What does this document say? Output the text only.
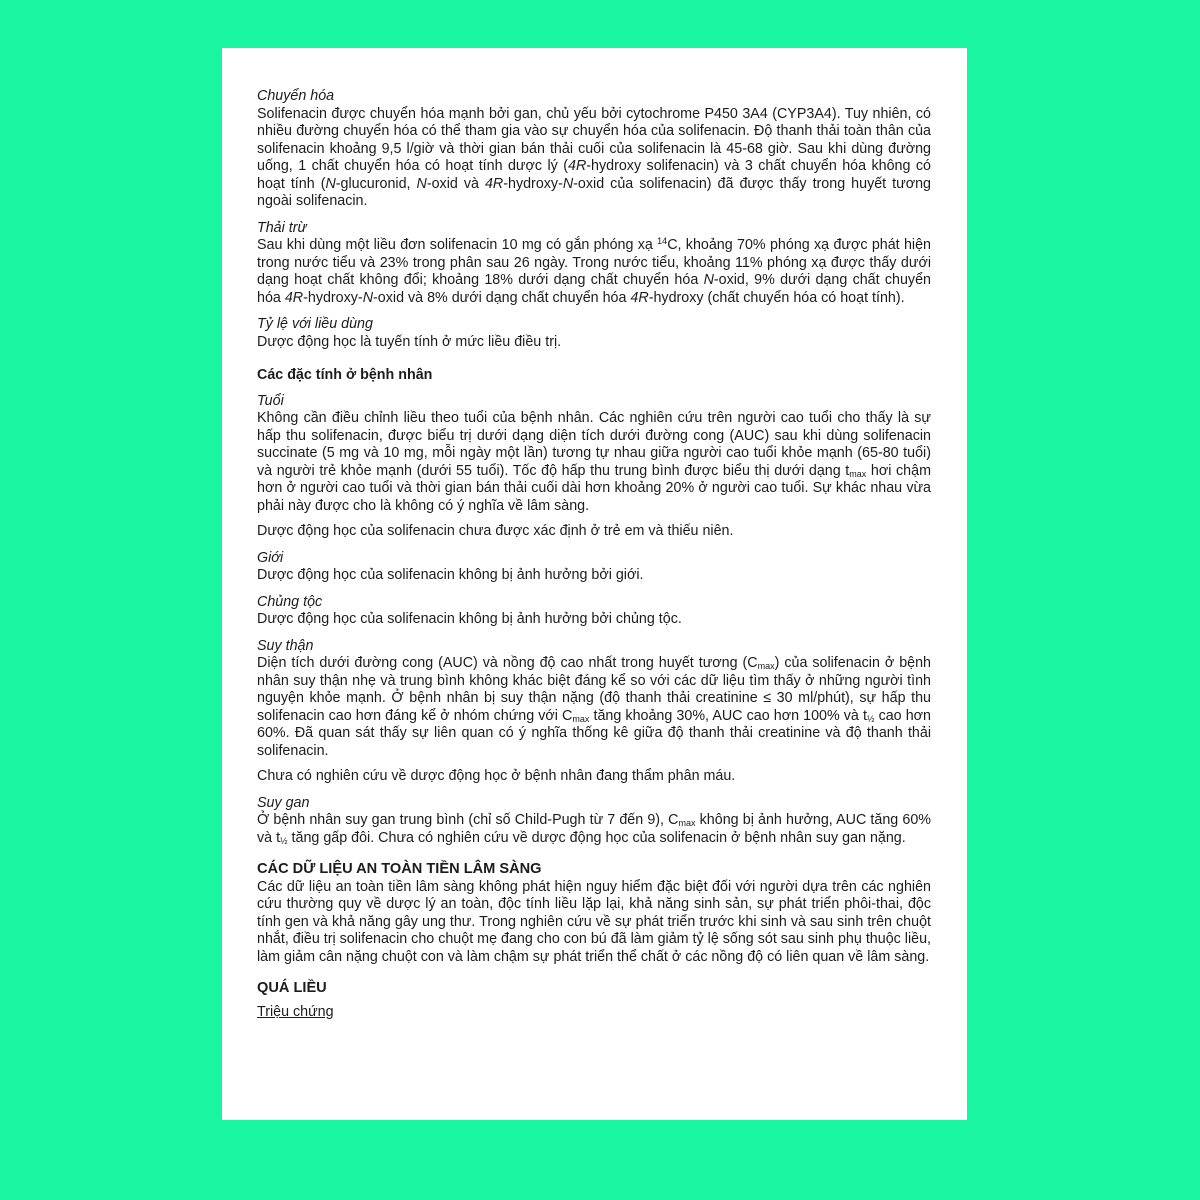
Chuyển hóa
Solifenacin được chuyển hóa mạnh bởi gan, chủ yếu bởi cytochrome P450 3A4 (CYP3A4). Tuy nhiên, có nhiều đường chuyển hóa có thể tham gia vào sự chuyển hóa của solifenacin. Độ thanh thải toàn thân của solifenacin khoảng 9,5 l/giờ và thời gian bán thải cuối của solifenacin là 45-68 giờ. Sau khi dùng đường uống, 1 chất chuyển hóa có hoạt tính dược lý (4R-hydroxy solifenacin) và 3 chất chuyển hóa không có hoạt tính (N-glucuronid, N-oxid và 4R-hydroxy-N-oxid của solifenacin) đã được thấy trong huyết tương ngoài solifenacin.
Thải trừ
Sau khi dùng một liều đơn solifenacin 10 mg có gắn phóng xạ $^{14}$C, khoảng 70% phóng xạ được phát hiện trong nước tiểu và 23% trong phân sau 26 ngày. Trong nước tiểu, khoảng 11% phóng xạ được thấy dưới dạng hoạt chất không đổi; khoảng 18% dưới dạng chất chuyển hóa N-oxid, 9% dưới dạng chất chuyển hóa 4R-hydroxy-N-oxid và 8% dưới dạng chất chuyển hóa 4R-hydroxy (chất chuyển hóa có hoạt tính).
Tỷ lệ với liều dùng
Dược động học là tuyến tính ở mức liều điều trị.
Các đặc tính ở bệnh nhân
Tuổi
Không cần điều chỉnh liều theo tuổi của bệnh nhân. Các nghiên cứu trên người cao tuổi cho thấy là sự hấp thu solifenacin, được biểu trị dưới dạng diện tích dưới đường cong (AUC) sau khi dùng solifenacin succinate (5 mg và 10 mg, mỗi ngày một lần) tương tự nhau giữa người cao tuổi khỏe mạnh (65-80 tuổi) và người trẻ khỏe mạnh (dưới 55 tuổi). Tốc độ hấp thu trung bình được biểu thị dưới dạng $t_{max}$ hơi chậm hơn ở người cao tuổi và thời gian bán thải cuối dài hơn khoảng 20% ở người cao tuổi. Sự khác nhau vừa phải này được cho là không có ý nghĩa về lâm sàng.
Dược động học của solifenacin chưa được xác định ở trẻ em và thiếu niên.
Giới
Dược động học của solifenacin không bị ảnh hưởng bởi giới.
Chủng tộc
Dược động học của solifenacin không bị ảnh hưởng bởi chủng tộc.
Suy thận
Diện tích dưới đường cong (AUC) và nồng độ cao nhất trong huyết tương $(C_{max})$ của solifenacin ở bệnh nhân suy thận nhẹ và trung bình không khác biệt đáng kể so với các dữ liệu tìm thấy ở những người tình nguyện khỏe mạnh. Ở bệnh nhân bị suy thận nặng (độ thanh thải creatinine ≤ 30 ml/phút), sự hấp thu solifenacin cao hơn đáng kể ở nhóm chứng với $C_{max}$ tăng khoảng 30%, AUC cao hơn 100% và $t_{\frac{1}{2}}$ cao hơn 60%. Đã quan sát thấy sự liên quan có ý nghĩa thống kê giữa độ thanh thải creatinine và độ thanh thải solifenacin.
Chưa có nghiên cứu về dược động học ở bệnh nhân đang thẩm phân máu.
Suy gan
Ở bệnh nhân suy gan trung bình (chỉ số Child-Pugh từ 7 đến 9), $C_{max}$ không bị ảnh hưởng, AUC tăng 60% và $t_{\frac{1}{2}}$ tăng gấp đôi. Chưa có nghiên cứu về dược động học của solifenacin ở bệnh nhân suy gan nặng.
CÁC DỮ LIỆU AN TOÀN TIỀN LÂM SÀNG
Các dữ liệu an toàn tiền lâm sàng không phát hiện nguy hiểm đặc biệt đối với người dựa trên các nghiên cứu thường quy về dược lý an toàn, độc tính liều lặp lại, khả năng sinh sản, sự phát triển phôi-thai, độc tính gen và khả năng gây ung thư. Trong nghiên cứu về sự phát triển trước khi sinh và sau sinh trên chuột nhắt, điều trị solifenacin cho chuột mẹ đang cho con bú đã làm giảm tỷ lệ sống sót sau sinh phụ thuộc liều, làm giảm cân nặng chuột con và làm chậm sự phát triển thể chất ở các nồng độ có liên quan về lâm sàng.
QUÁ LIỀU
Triệu chứng
